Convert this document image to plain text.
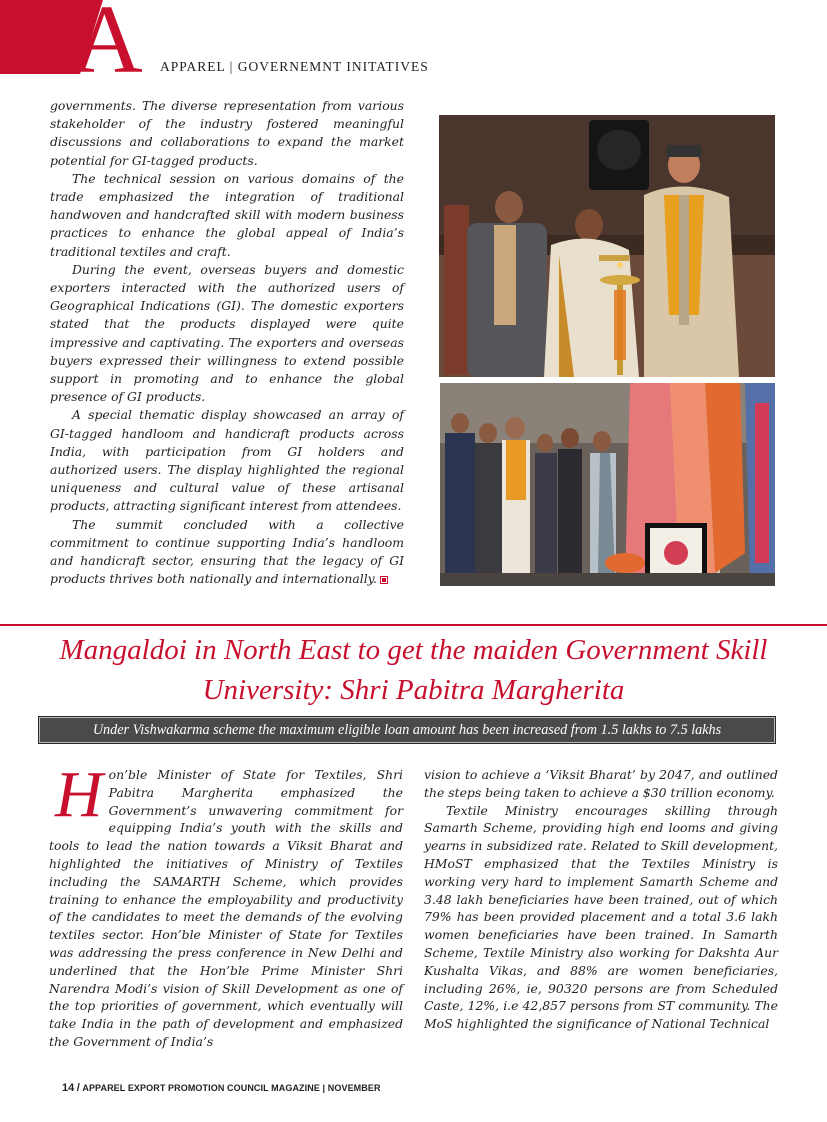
A APPAREL | GOVERNEMNT INITATIVES

governments. The diverse representation from various stakeholder of the industry fostered meaningful discussions and collaborations to expand the market potential for GI-tagged products.

The technical session on various domains of the trade emphasized the integration of traditional handwoven and handcrafted skill with modern business practices to enhance the global appeal of India’s traditional textiles and craft.

During the event, overseas buyers and domestic exporters interacted with the authorized users of Geographical Indications (GI). The domestic exporters stated that the products displayed were quite impressive and captivating. The exporters and overseas buyers expressed their willingness to extend possible support in promoting and to enhance the global presence of GI products.

A special thematic display showcased an array of GI-tagged handloom and handicraft products across India, with participation from GI holders and authorized users. The display highlighted the regional uniqueness and cultural value of these artisanal products, attracting significant interest from attendees.

The summit concluded with a collective commitment to continue supporting India’s handloom and handicraft sector, ensuring that the legacy of GI products thrives both nationally and internationally.

Mangaldoi in North East to get the maiden Government Skill University: Shri Pabitra Margherita
Under Vishwakarma scheme the maximum eligible loan amount has been increased from 1.5 lakhs to 7.5 lakhs
H on’ble Minister of State for Textiles, Shri Pabitra Margherita emphasized the Government’s unwavering commitment for equipping India’s youth with the skills and tools to lead the nation towards a Viksit Bharat and highlighted the initiatives of Ministry of Textiles including the SAMARTH Scheme, which provides training to enhance the employability and productivity of the candidates to meet the demands of the evolving textiles sector. Hon’ble Minister of State for Textiles was addressing the press conference in New Delhi and underlined that the Hon’ble Prime Minister Shri Narendra Modi’s vision of Skill Development as one of the top priorities of government, which eventually will take India in the path of development and emphasized the Government of India’s

vision to achieve a ‘Viksit Bharat’ by 2047, and outlined the steps being taken to achieve a $30 trillion economy.

Textile Ministry encourages skilling through Samarth Scheme, providing high end looms and giving yearns in subsidized rate. Related to Skill development, HMoST emphasized that the Textiles Ministry is working very hard to implement Samarth Scheme and 3.48 lakh beneficiaries have been trained, out of which 79% has been provided placement and a total 3.6 lakh women beneficiaries have been trained. In Samarth Scheme, Textile Ministry also working for Dakshta Aur Kushalta Vikas, and 88% are women beneficiaries, including 26%, ie, 90320 persons are from Scheduled Caste, 12%, i.e 42,857 persons from ST community. The MoS highlighted the significance of National Technical

14 / APPAREL EXPORT PROMOTION COUNCIL MAGAZINE | NOVEMBER
